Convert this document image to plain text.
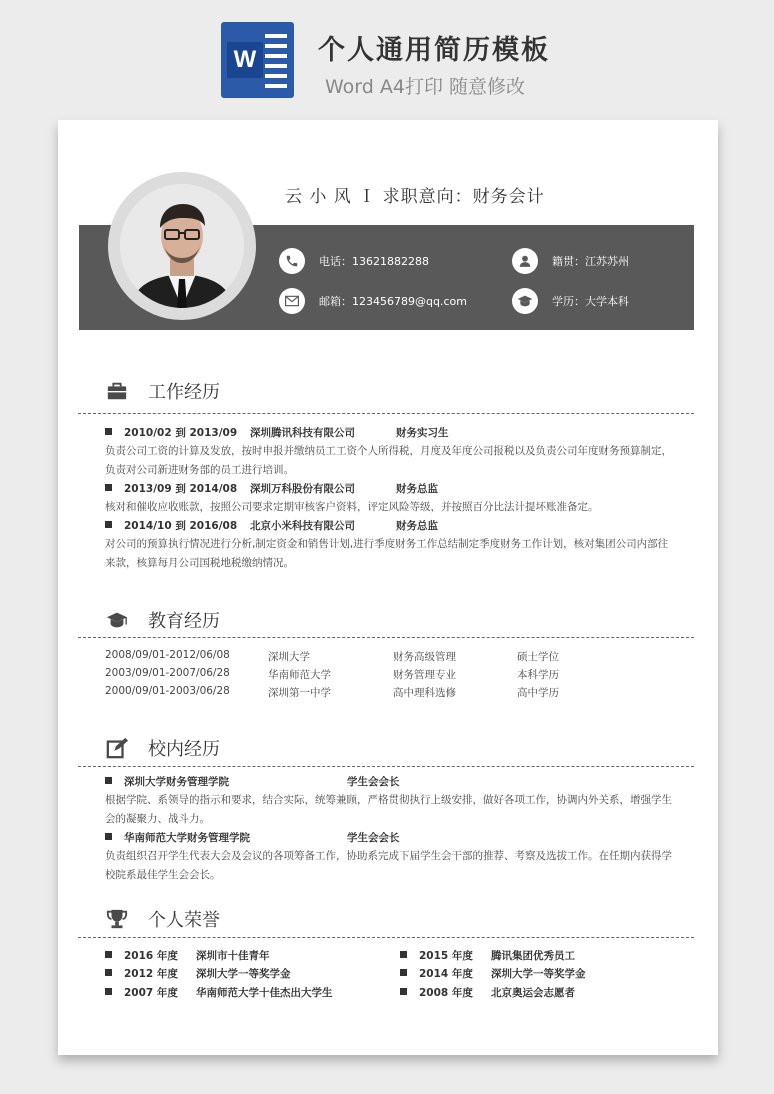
W 个人通用简历模板
Word A4打印 随意修改
云 小 风 Ｉ 求职意向：财务会计
电话：13621882288
邮箱：123456789@qq.com
籍贯：江苏苏州
学历：大学本科
工作经历
2010/02 到 2013/09 深圳腾讯科技有限公司	财务实习生
负责公司工资的计算及发放，按时申报并缴纳员工工资个人所得税，月度及年度公司报税以及负责公司年度财务预算制定，负责对公司新进财务部的员工进行培训。
2013/09 到 2014/08 深圳万科股份有限公司	财务总监
核对和催收应收账款，按照公司要求定期审核客户资料，评定风险等级，并按照百分比法计提坏账准备定。
2014/10 到 2016/08 北京小米科技有限公司	财务总监
对公司的预算执行情况进行分析,制定资金和销售计划,进行季度财务工作总结制定季度财务工作计划，核对集团公司内部往来款，核算每月公司国税地税缴纳情况。
教育经历
2008/09/01-2012/06/08	深圳大学	财务高级管理	硕士学位
2003/09/01-2007/06/28	华南师范大学	财务管理专业	本科学历
2000/09/01-2003/06/28	深圳第一中学	高中理科选修	高中学历
校内经历
深圳大学财务管理学院	学生会会长
根据学院、系领导的指示和要求，结合实际，统筹兼顾，严格贯彻执行上级安排，做好各项工作，协调内外关系，增强学生会的凝聚力、战斗力。
华南师范大学财务管理学院	学生会会长
负责组织召开学生代表大会及会议的各项筹备工作，协助系完成下届学生会干部的推荐、考察及选拔工作。在任期内获得学校院系最佳学生会会长。
个人荣誉
2016 年度 深圳市十佳青年
2012 年度 深圳大学一等奖学金
2007 年度 华南师范大学十佳杰出大学生
2015 年度 腾讯集团优秀员工
2014 年度 深圳大学一等奖学金
2008 年度 北京奥运会志愿者
